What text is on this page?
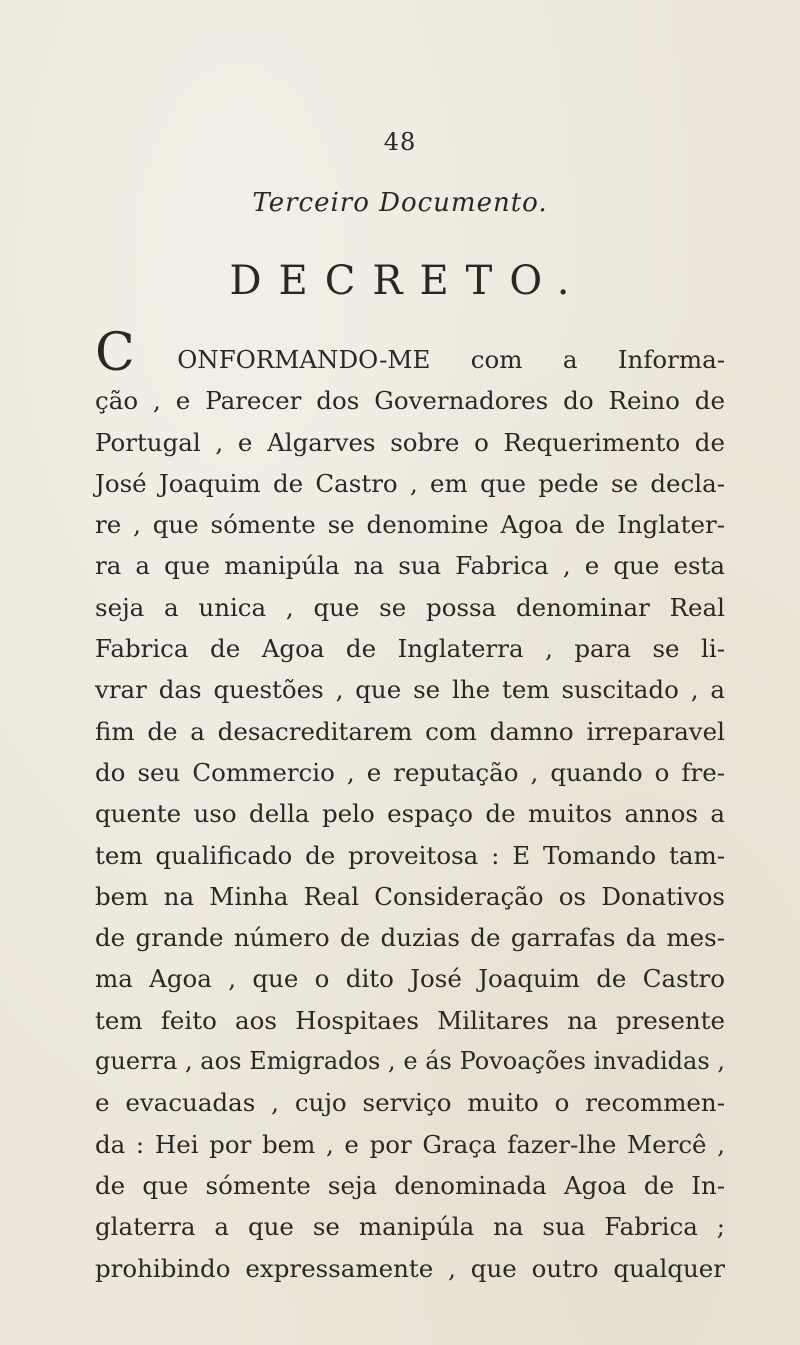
48
Terceiro Documento.
DECRETO.
C ONFORMANDO-ME com a Informa-
ção , e Parecer dos Governadores do Reino de
Portugal , e Algarves sobre o Requerimento de
José Joaquim de Castro , em que pede se decla-
re , que sómente se denomine Agoa de Inglater-
ra a que manipúla na sua Fabrica , e que esta
seja a unica , que se possa denominar Real
Fabrica de Agoa de Inglaterra , para se li-
vrar das questões , que se lhe tem suscitado , a
fim de a desacreditarem com damno irreparavel
do seu Commercio , e reputação , quando o fre-
quente uso della pelo espaço de muitos annos a
tem qualificado de proveitosa : E Tomando tam-
bem na Minha Real Consideração os Donativos
de grande número de duzias de garrafas da mes-
ma Agoa , que o dito José Joaquim de Castro
tem feito aos Hospitaes Militares na presente
guerra , aos Emigrados , e ás Povoações invadidas ,
e evacuadas , cujo serviço muito o recommen-
da : Hei por bem , e por Graça fazer-lhe Mercê ,
de que sómente seja denominada Agoa de In-
glaterra a que se manipúla na sua Fabrica ;
prohibindo expressamente , que outro qualquer
